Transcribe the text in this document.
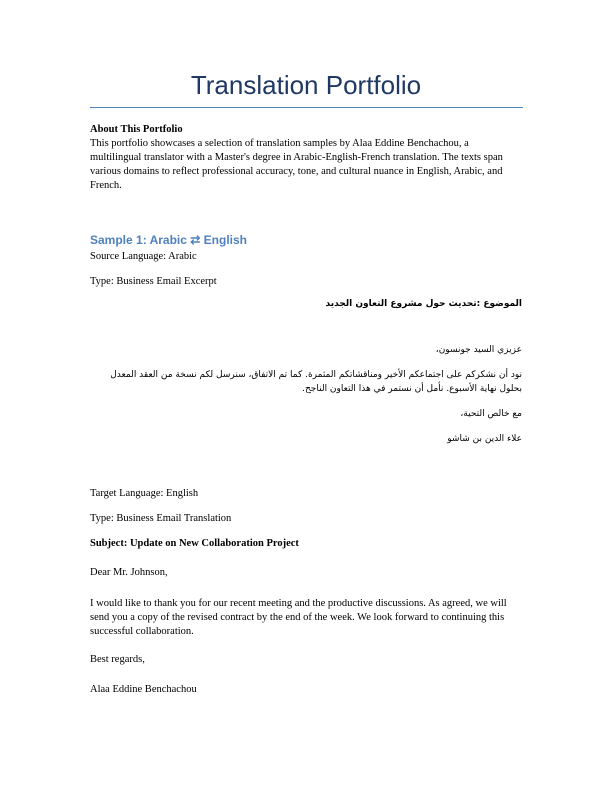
Translation Portfolio
About This Portfolio
This portfolio showcases a selection of translation samples by Alaa Eddine Benchachou, a multilingual translator with a Master's degree in Arabic-English-French translation. The texts span various domains to reflect professional accuracy, tone, and cultural nuance in English, Arabic, and French.
Sample 1: Arabic ⇄ English
Source Language: Arabic
Type: Business Email Excerpt
الموضوع :تحديث حول مشروع التعاون الجديد
عزيزي السيد جونسون،
نود أن نشكركم على اجتماعكم الأخير ومناقشاتكم المثمرة. كما تم الاتفاق، سنرسل لكم نسخة من العقد المعدل بحلول نهاية الأسبوع. نأمل أن نستمر في هذا التعاون الناجح.
مع خالص التحية،
علاء الدين بن شاشو
Target Language: English
Type: Business Email Translation
Subject: Update on New Collaboration Project
Dear Mr. Johnson,
I would like to thank you for our recent meeting and the productive discussions. As agreed, we will send you a copy of the revised contract by the end of the week. We look forward to continuing this successful collaboration.
Best regards,
Alaa Eddine Benchachou
